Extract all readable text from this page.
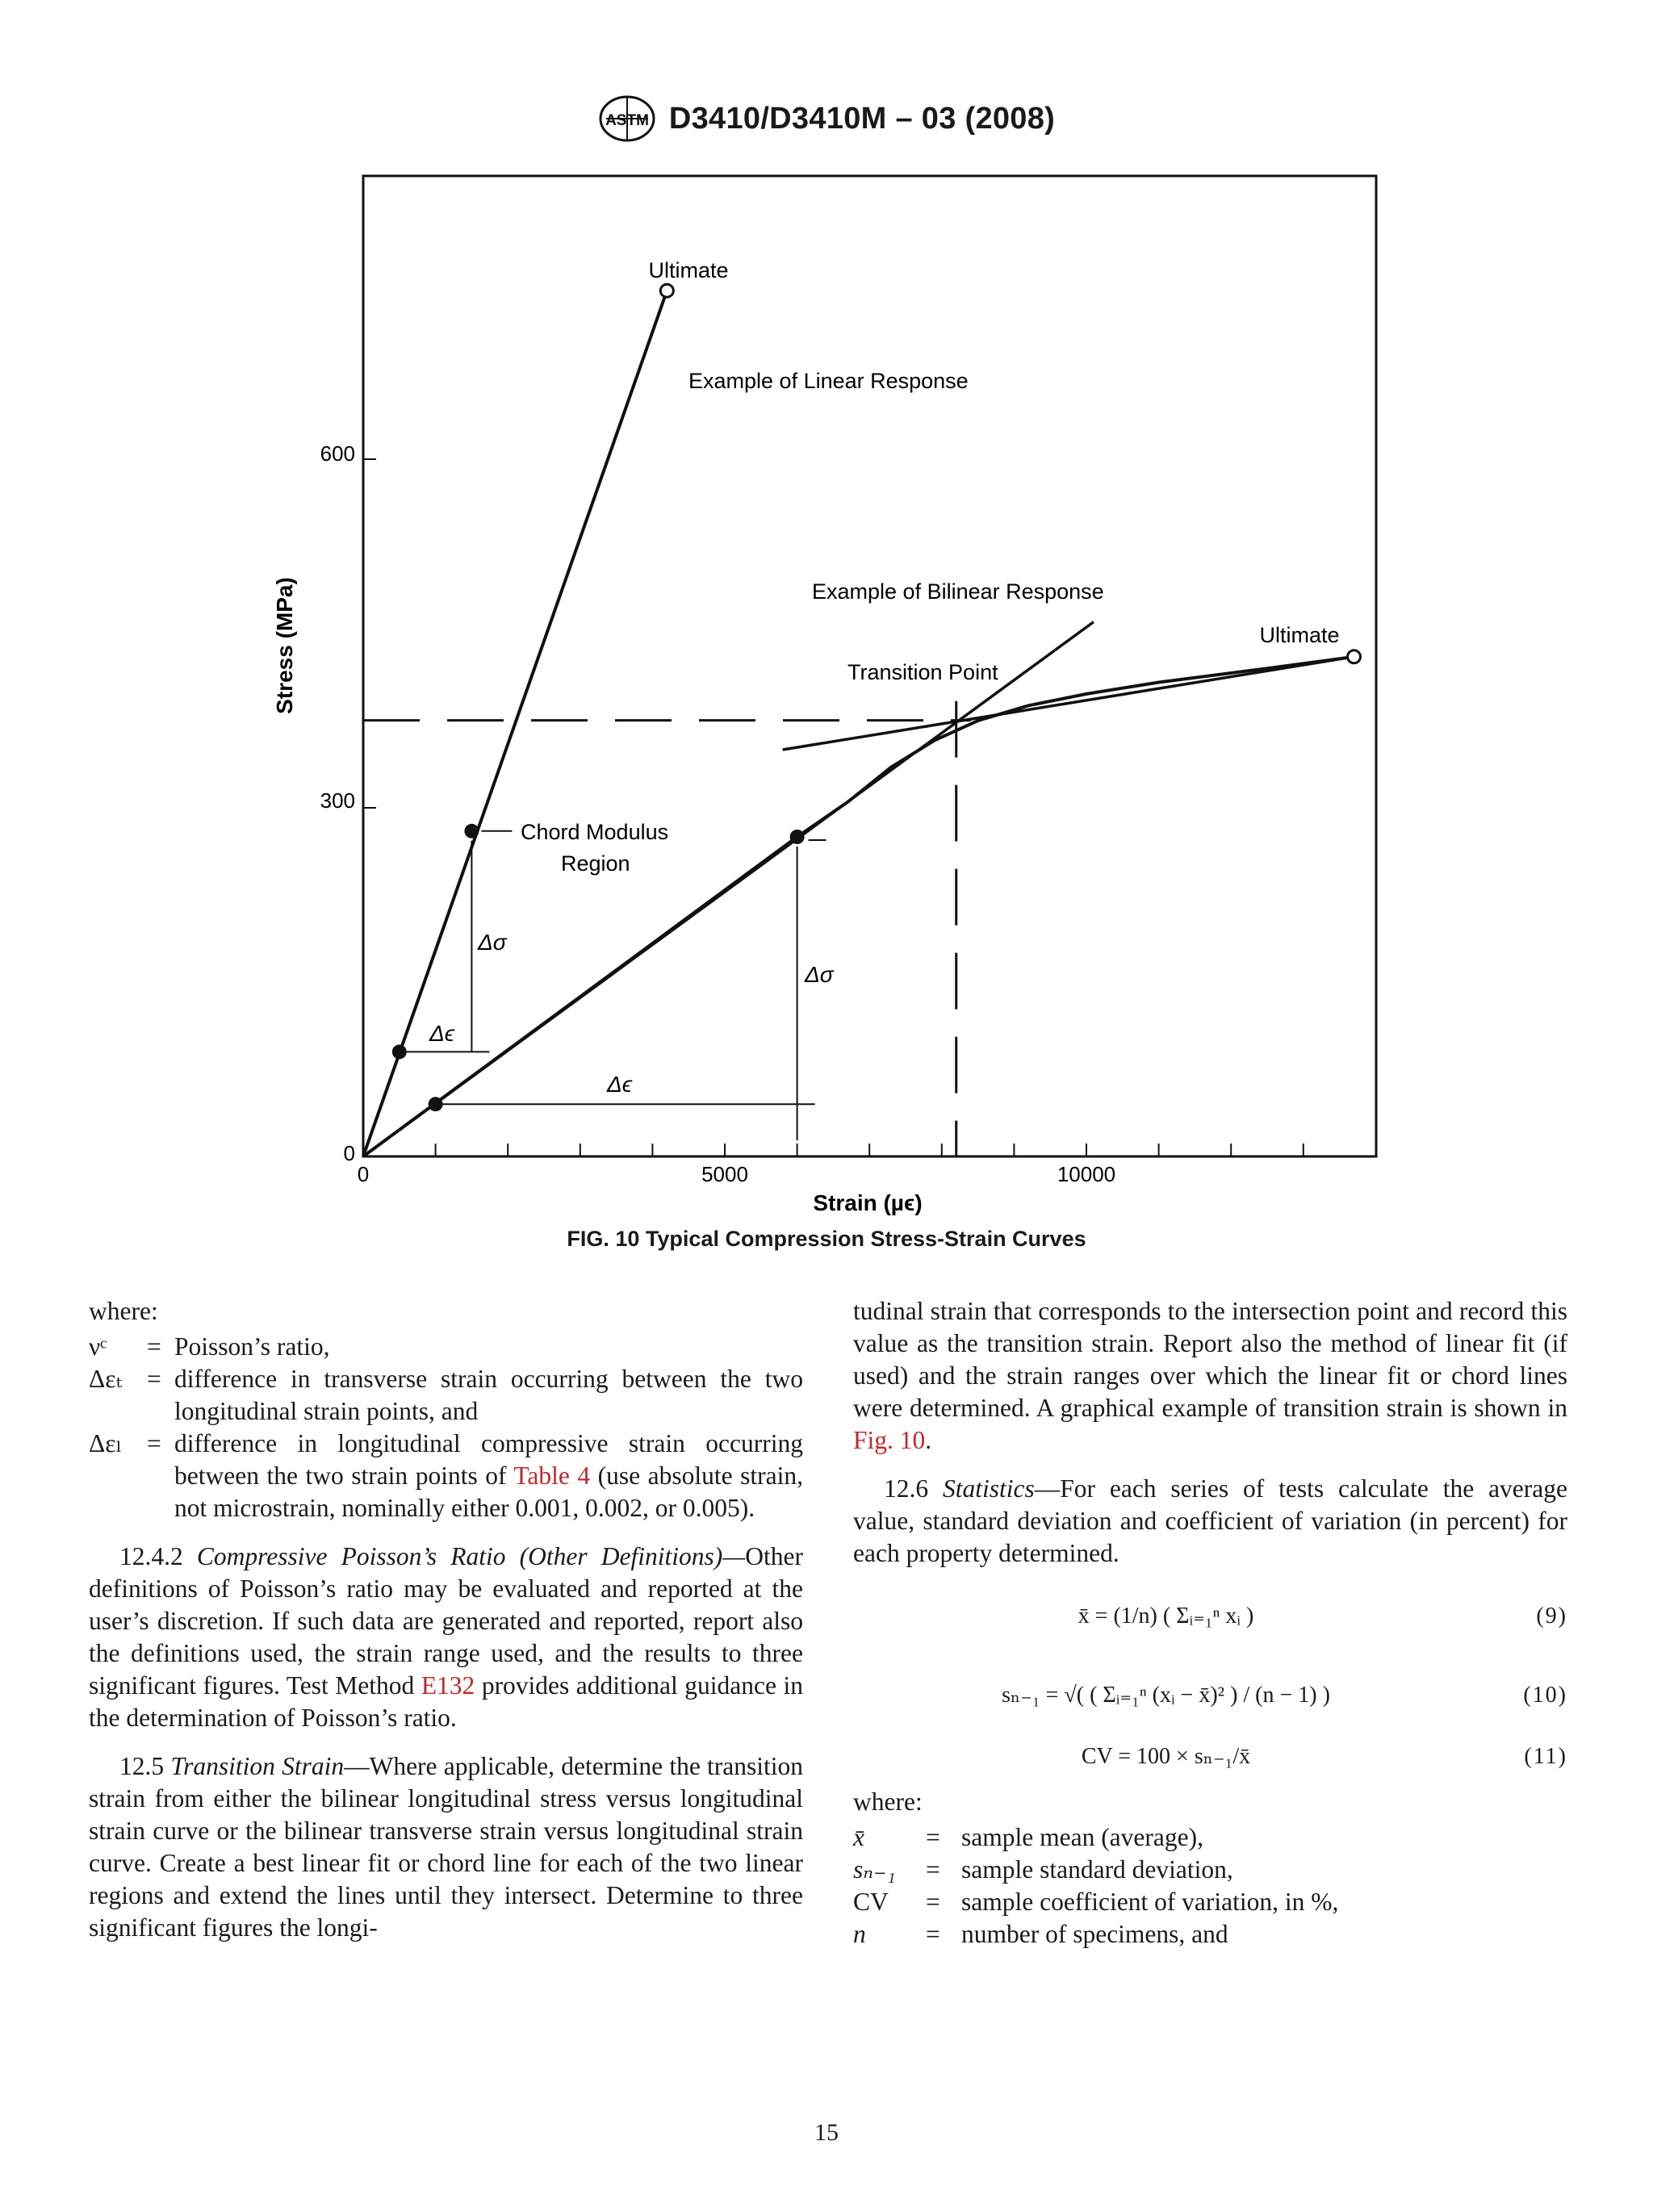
ASTM D3410/D3410M – 03 (2008)
0
300
600
0	5000	10000
Strain (µϵ)
Stress (MPa)
Ultimate
Ultimate
Example of Linear Response
Example of Bilinear Response
Transition Point
Chord Modulus
Region
Δσ
Δσ
Δϵ
Δϵ
FIG. 10 Typical Compression Stress-Strain Curves

where:

νᶜ	= Poisson’s ratio,
Δεₜ = difference in transverse strain occurring between the two longitudinal strain points, and
Δεₗ = difference in longitudinal compressive strain occurring between the two strain points of Table 4 (use absolute strain, not microstrain, nominally either 0.001, 0.002, or 0.005).

12.4.2 Compressive Poisson’s Ratio (Other Definitions)—Other definitions of Poisson’s ratio may be evaluated and reported at the user’s discretion. If such data are generated and reported, report also the definitions used, the strain range used, and the results to three significant figures. Test Method E132 provides additional guidance in the determination of Poisson’s ratio.

12.5 Transition Strain—Where applicable, determine the transition strain from either the bilinear longitudinal stress versus longitudinal strain curve or the bilinear transverse strain versus longitudinal strain curve. Create a best linear fit or chord line for each of the two linear regions and extend the lines until they intersect. Determine to three significant figures the longi-

tudinal strain that corresponds to the intersection point and record this value as the transition strain. Report also the method of linear fit (if used) and the strain ranges over which the linear fit or chord lines were determined. A graphical example of transition strain is shown in Fig. 10.

12.6 Statistics—For each series of tests calculate the average value, standard deviation and coefficient of variation (in percent) for each property determined.

x̄ = (1/n) ( Σᵢ₌₁ⁿ xᵢ )	(9)
sₙ₋₁ = √( ( Σᵢ₌₁ⁿ (xᵢ − x̄)² ) / (n − 1) )	(10)
CV = 100 × sₙ₋₁/x̄	(11)

where:

x̄	= sample mean (average),
sₙ₋₁	= sample standard deviation,
CV	= sample coefficient of variation, in %,
n	= number of specimens, and
15
